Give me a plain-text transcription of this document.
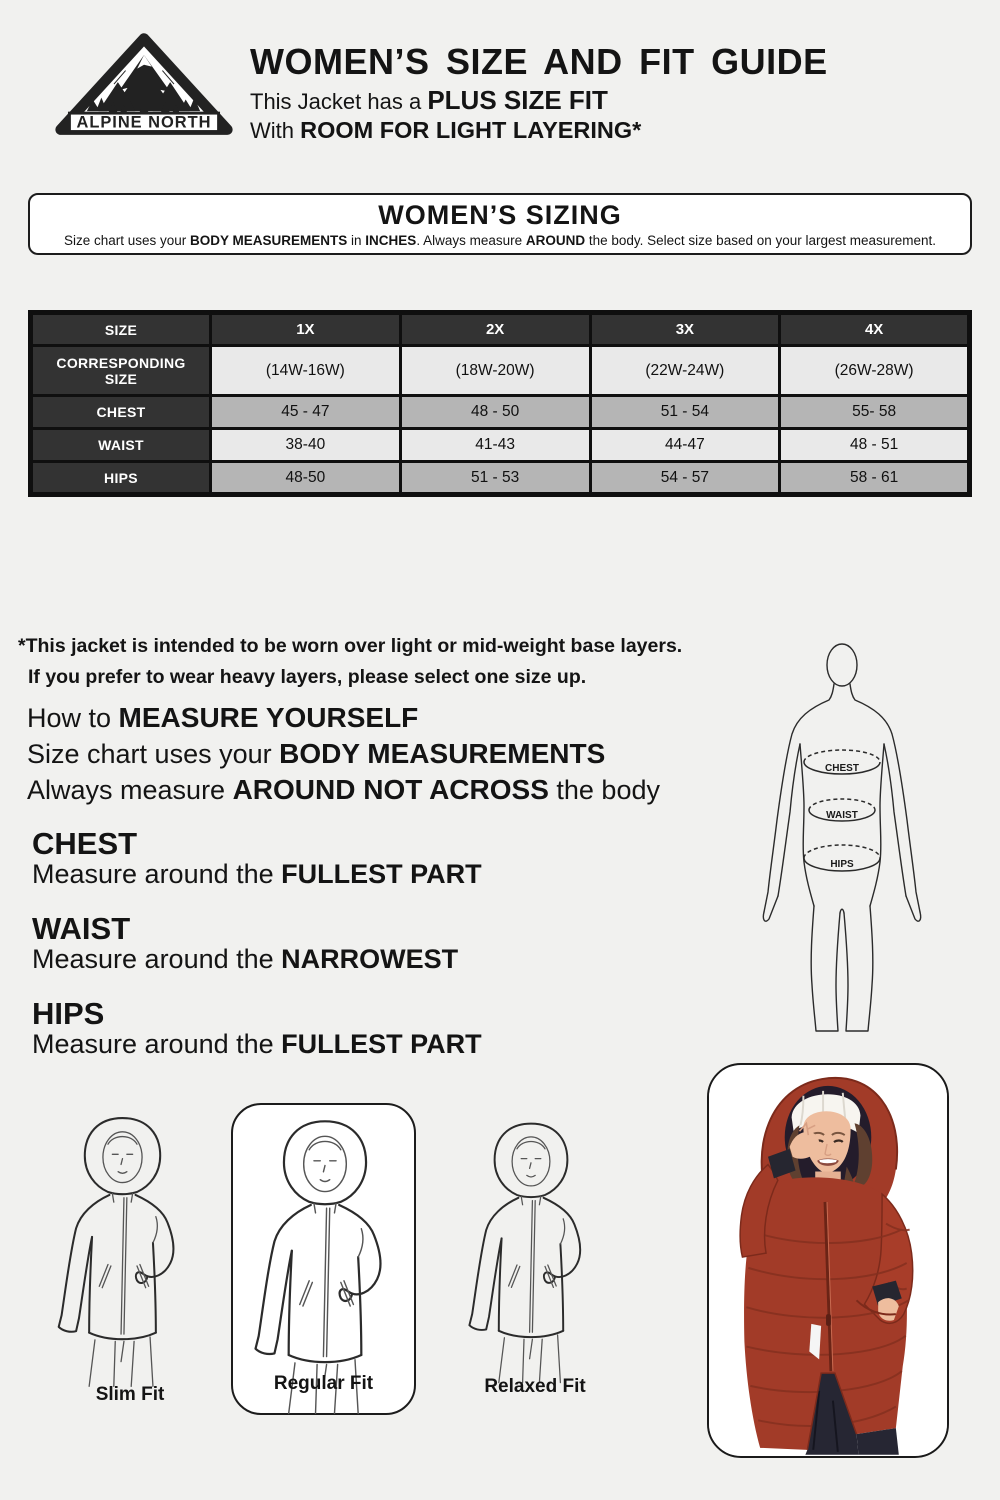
ALPINE NORTH
WOMEN’S SIZE AND FIT GUIDE
This Jacket has a PLUS SIZE FIT
With ROOM FOR LIGHT LAYERING*
WOMEN’S SIZING
Size chart uses your BODY MEASUREMENTS in INCHES. Always measure AROUND the body. Select size based on your largest measurement.
SIZE	1X	2X	3X	4X
CORRESPONDING SIZE	(14W-16W)	(18W-20W)	(22W-24W)	(26W-28W)
CHEST	45 - 47	48 - 50	51 - 54	55- 58
WAIST	38-40	41-43	44-47	48 - 51
HIPS	48-50	51 - 53	54 - 57	58 - 61
*This jacket is intended to be worn over light or mid-weight base layers.
If you prefer to wear heavy layers, please select one size up.
How to MEASURE YOURSELF
Size chart uses your BODY MEASUREMENTS
Always measure AROUND NOT ACROSS the body
CHEST
Measure around the FULLEST PART
WAIST
Measure around the NARROWEST
HIPS
Measure around the FULLEST PART
CHEST
WAIST
HIPS
Slim Fit
Regular Fit	Relaxed Fit
